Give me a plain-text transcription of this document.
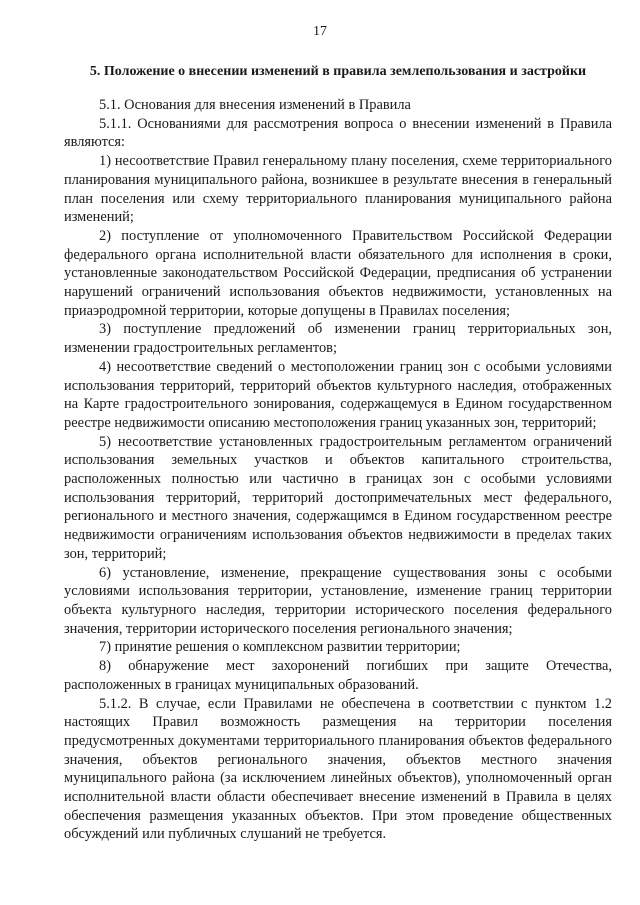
17
5. Положение о внесении изменений в правила землепользования и застройки

5.1. Основания для внесения изменений в Правила

5.1.1. Основаниями для рассмотрения вопроса о внесении изменений в Правила являются:

1) несоответствие Правил генеральному плану поселения, схеме территориального планирования муниципального района, возникшее в результате внесения в генеральный план поселения или схему территориального планирования муниципального района изменений;

2) поступление от уполномоченного Правительством Российской Федерации федерального органа исполнительной власти обязательного для исполнения в сроки, установленные законодательством Российской Федерации, предписания об устранении нарушений ограничений использования объектов недвижимости, установленных на приаэродромной территории, которые допущены в Правилах поселения;

3) поступление предложений об изменении границ территориальных зон, изменении градостроительных регламентов;

4) несоответствие сведений о местоположении границ зон с особыми условиями использования территорий, территорий объектов культурного наследия, отображенных на Карте градостроительного зонирования, содержащемуся в Едином государственном реестре недвижимости описанию местоположения границ указанных зон, территорий;

5) несоответствие установленных градостроительным регламентом ограничений использования земельных участков и объектов капитального строительства, расположенных полностью или частично в границах зон с особыми условиями использования территорий, территорий достопримечательных мест федерального, регионального и местного значения, содержащимся в Едином государственном реестре недвижимости ограничениям использования объектов недвижимости в пределах таких зон, территорий;

6) установление, изменение, прекращение существования зоны с особыми условиями использования территории, установление, изменение границ территории объекта культурного наследия, территории исторического поселения федерального значения, территории исторического поселения регионального значения;

7) принятие решения о комплексном развитии территории;

8) обнаружение мест захоронений погибших при защите Отечества, расположенных в границах муниципальных образований.

5.1.2. В случае, если Правилами не обеспечена в соответствии с пунктом 1.2 настоящих Правил возможность размещения на территории поселения предусмотренных документами территориального планирования объектов федерального значения, объектов регионального значения, объектов местного значения муниципального района (за исключением линейных объектов), уполномоченный орган исполнительной власти области обеспечивает внесение изменений в Правила в целях обеспечения размещения указанных объектов. При этом проведение общественных обсуждений или публичных слушаний не требуется.
